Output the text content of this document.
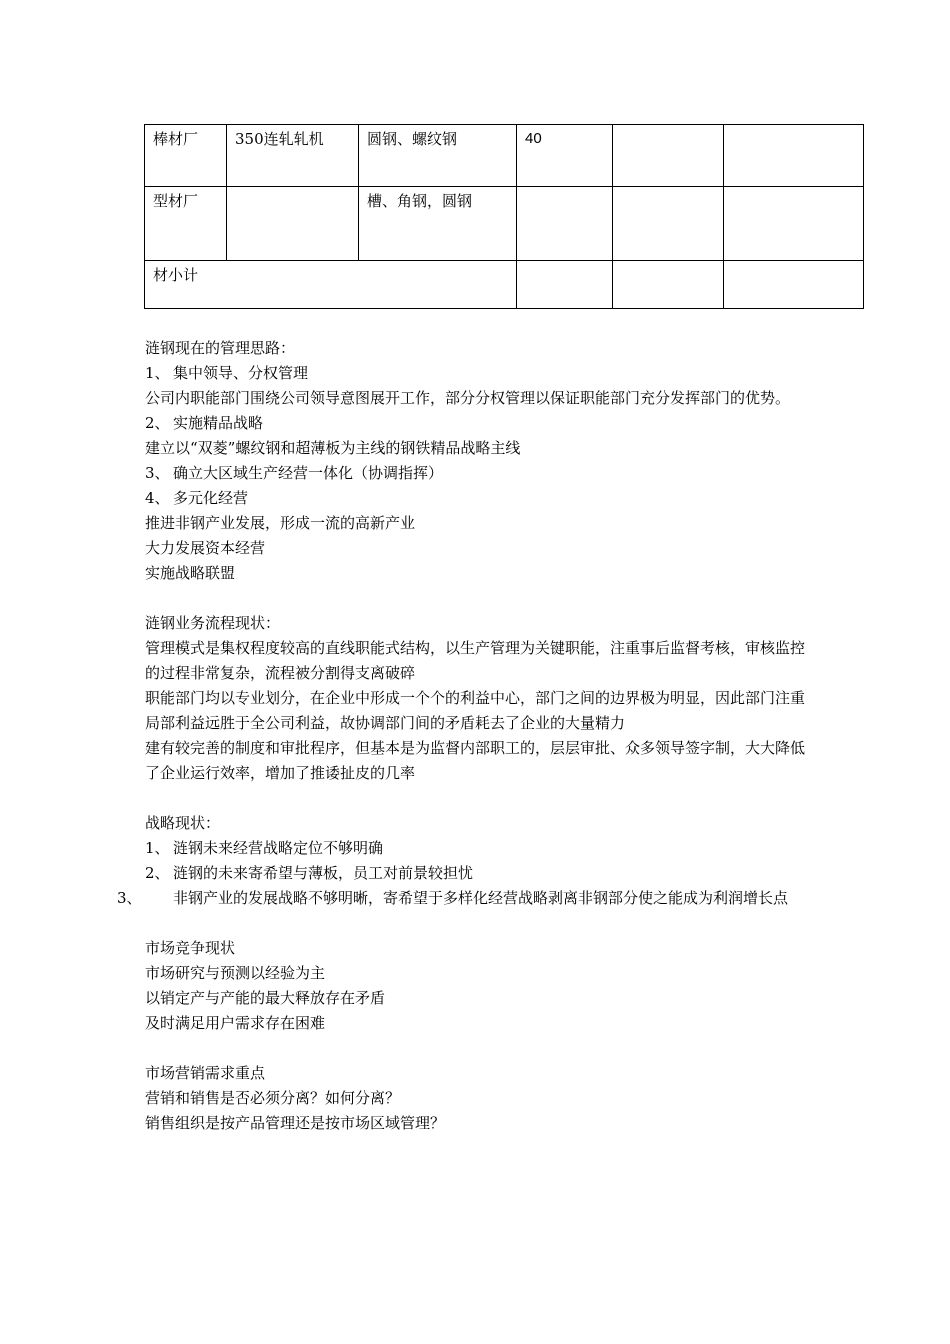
棒材厂	350连轧轧机	圆钢、螺纹钢	40		
型材厂		槽、角钢，圆钢			
材小计					
涟钢现在的管理思路：
1、 集中领导、分权管理
公司内职能部门围绕公司领导意图展开工作，部分分权管理以保证职能部门充分发挥部门的优势。
2、 实施精品战略
建立以“双菱”螺纹钢和超薄板为主线的钢铁精品战略主线
3、 确立大区域生产经营一体化（协调指挥）
4、 多元化经营
推进非钢产业发展，形成一流的高新产业
大力发展资本经营
实施战略联盟
涟钢业务流程现状：
管理模式是集权程度较高的直线职能式结构，以生产管理为关键职能，注重事后监督考核，审核监控的过程非常复杂，流程被分割得支离破碎
职能部门均以专业划分，在企业中形成一个个的利益中心，部门之间的边界极为明显，因此部门注重局部利益远胜于全公司利益，故协调部门间的矛盾耗去了企业的大量精力
建有较完善的制度和审批程序，但基本是为监督内部职工的，层层审批、众多领导签字制，大大降低了企业运行效率，增加了推诿扯皮的几率
战略现状：
1、 涟钢未来经营战略定位不够明确
2、 涟钢的未来寄希望与薄板，员工对前景较担忧
3、 非钢产业的发展战略不够明晰，寄希望于多样化经营战略剥离非钢部分使之能成为利润增长点
市场竞争现状
市场研究与预测以经验为主
以销定产与产能的最大释放存在矛盾
及时满足用户需求存在困难
市场营销需求重点
营销和销售是否必须分离？如何分离？
销售组织是按产品管理还是按市场区域管理？
